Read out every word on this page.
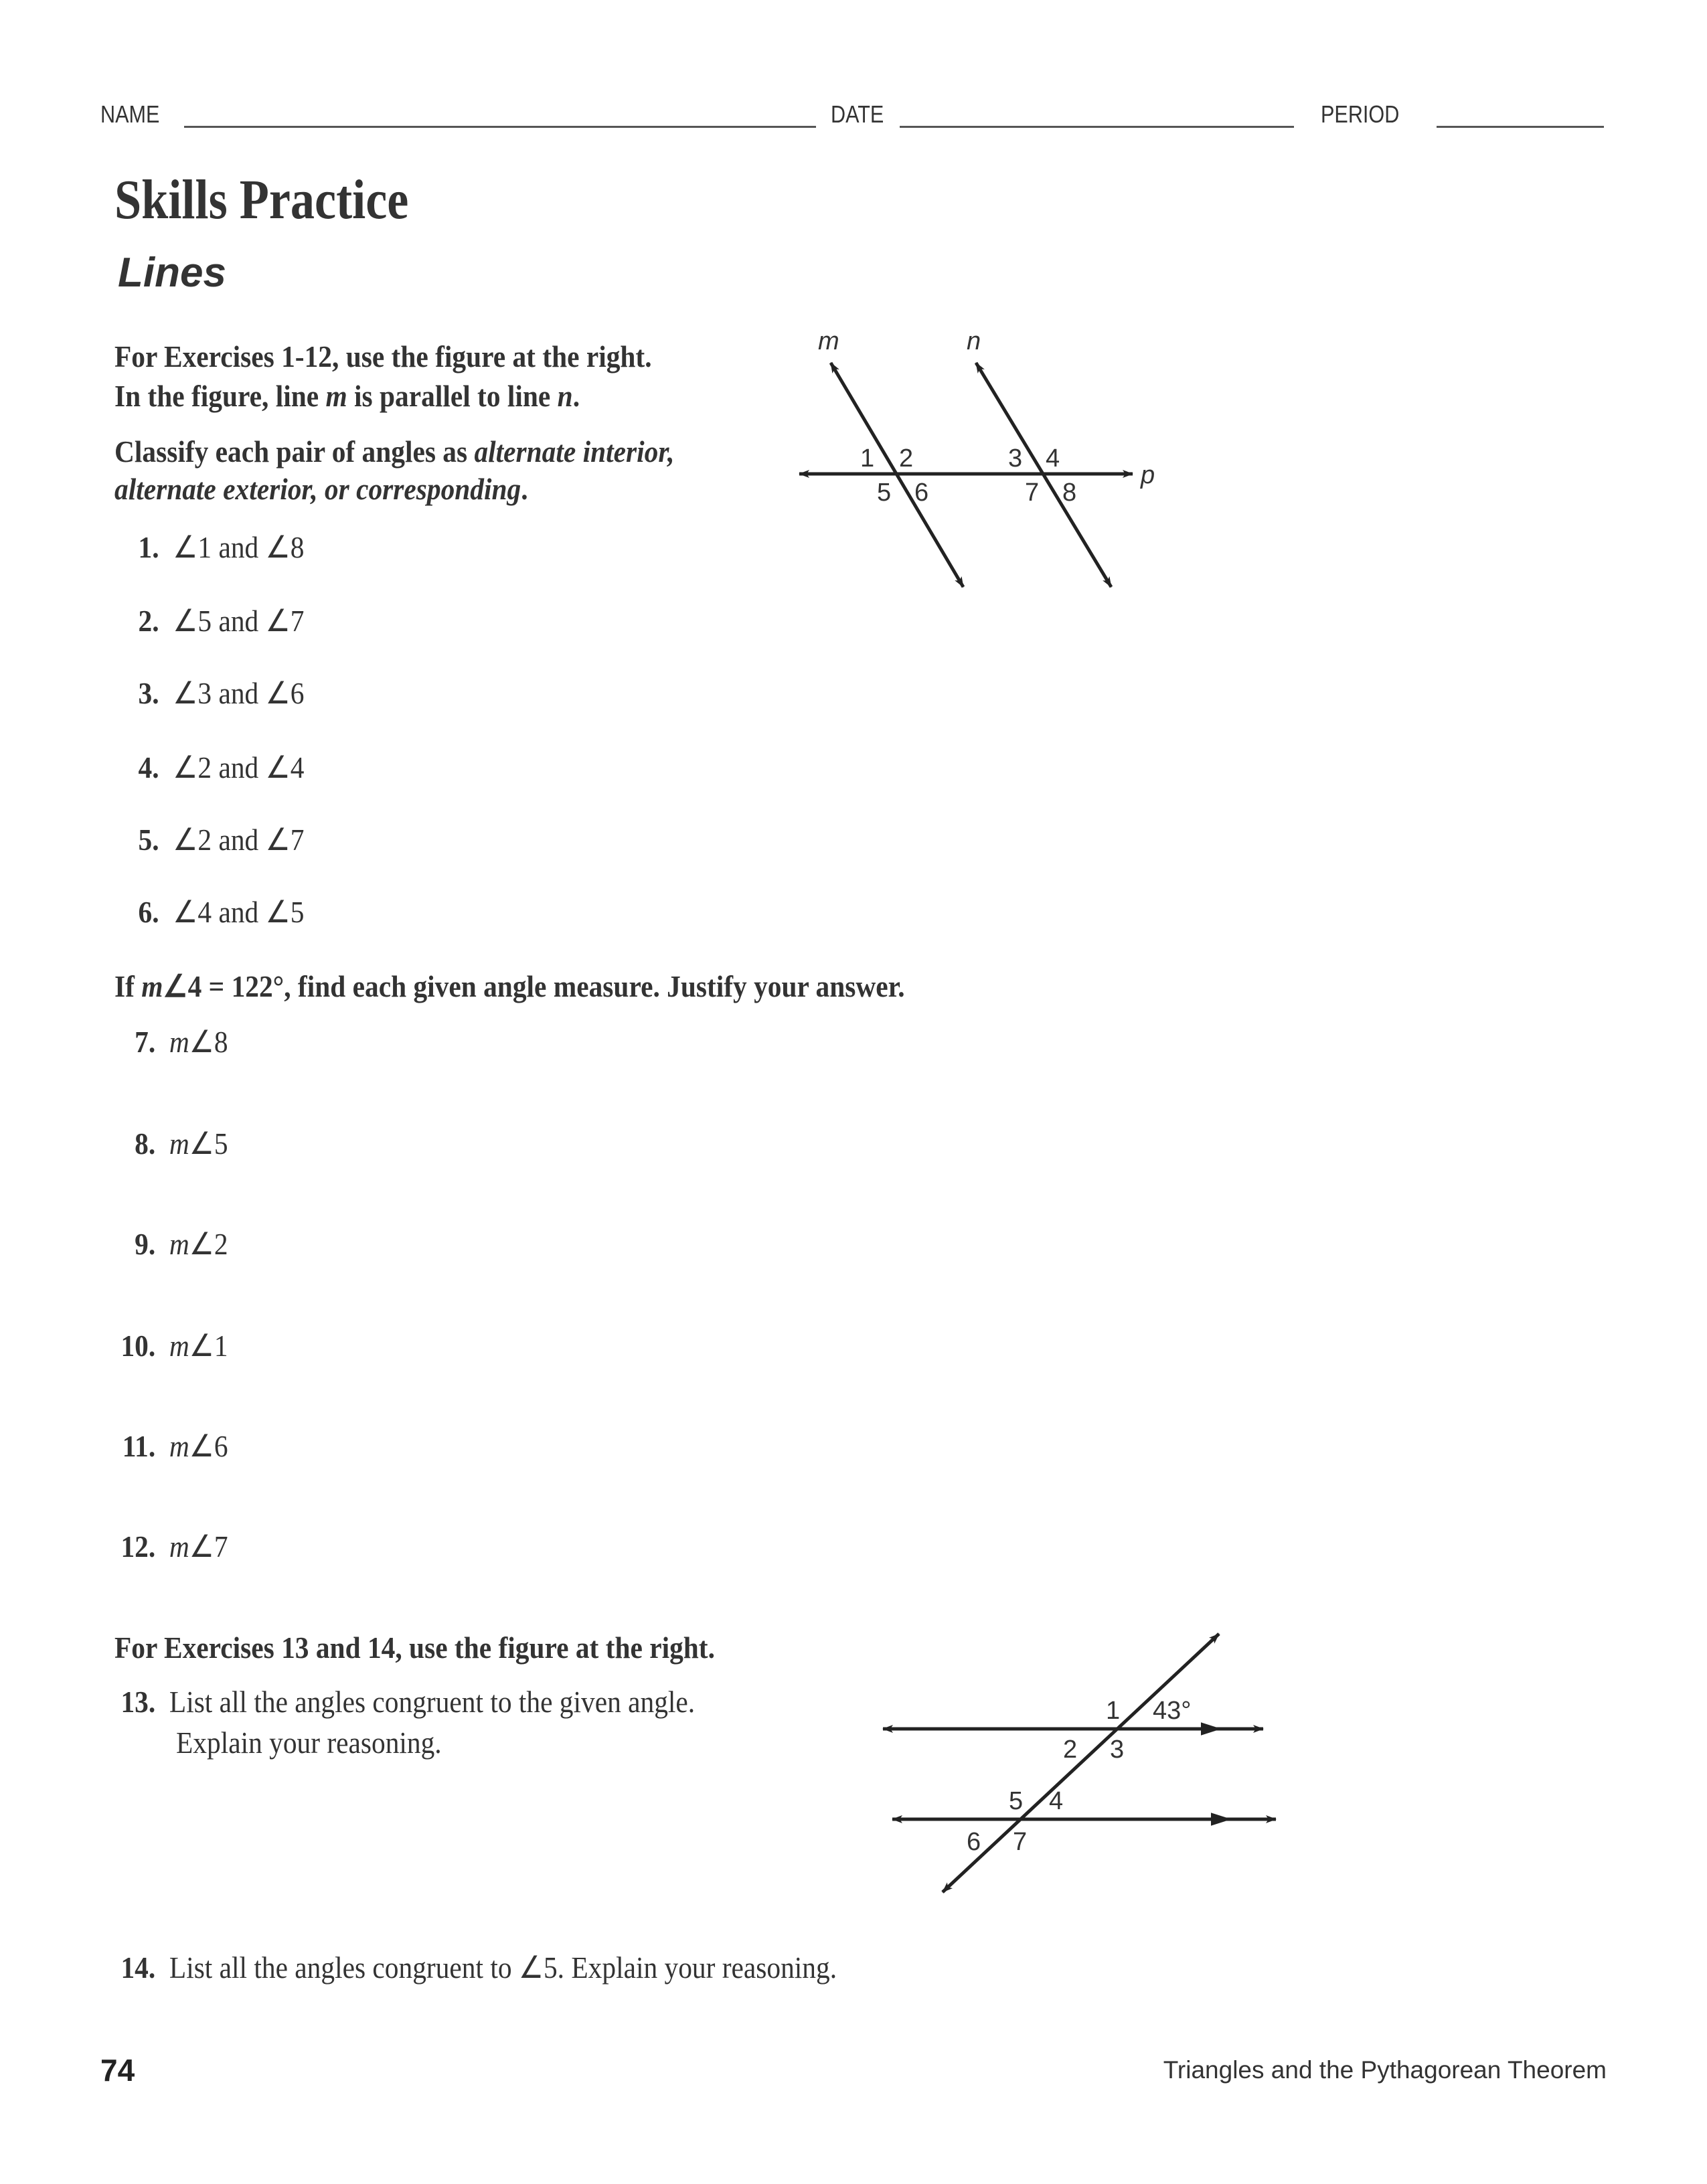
NAME	DATE	PERIOD
Skills Practice
Lines
For Exercises 1-12, use the figure at the right.
In the figure, line m is parallel to line n.
Classify each pair of angles as alternate interior,
alternate exterior, or corresponding.
1. ∠1 and ∠8
2. ∠5 and ∠7
3. ∠3 and ∠6
4. ∠2 and ∠4
5. ∠2 and ∠7
6. ∠4 and ∠5
If m∠4 = 122°, find each given angle measure. Justify your answer.
7. m∠8
8. m∠5
9. m∠2
10. m∠1
11. m∠6
12. m∠7
For Exercises 13 and 14, use the figure at the right.
13. List all the angles congruent to the given angle.
Explain your reasoning.
14. List all the angles congruent to ∠5. Explain your reasoning.
m	n
p
1 2	3 4
5 6	7 8
1 43°
2 3
4
5
6 7
74	Triangles and the Pythagorean Theorem
